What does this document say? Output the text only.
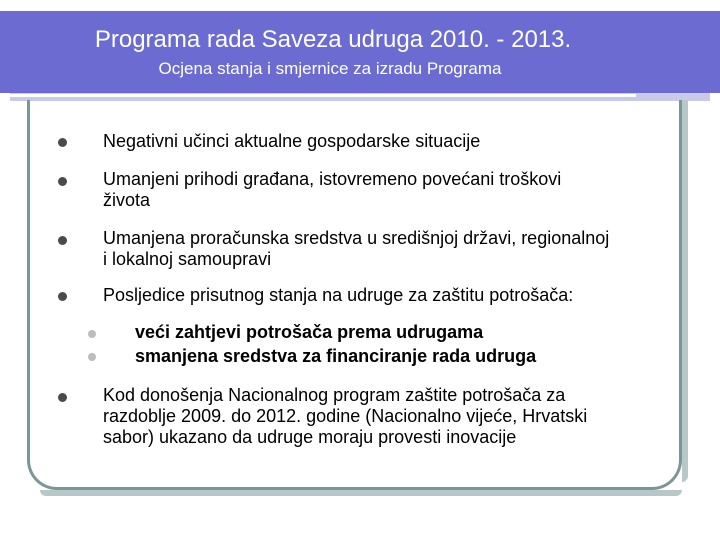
Programa rada Saveza udruga 2010. - 2013.
Ocjena stanja i smjernice za izradu Programa
Negativni učinci aktualne gospodarske situacije
Umanjeni prihodi građana, istovremeno povećani troškovi
života
Umanjena proračunska sredstva u središnjoj državi, regionalnoj
i lokalnoj samoupravi
Posljedice prisutnog stanja na udruge za zaštitu potrošača:
veći zahtjevi potrošača prema udrugama
smanjena sredstva za financiranje rada udruga
Kod donošenja Nacionalnog program zaštite potrošača za
razdoblje 2009. do 2012. godine (Nacionalno vijeće, Hrvatski
sabor) ukazano da udruge moraju provesti inovacije
